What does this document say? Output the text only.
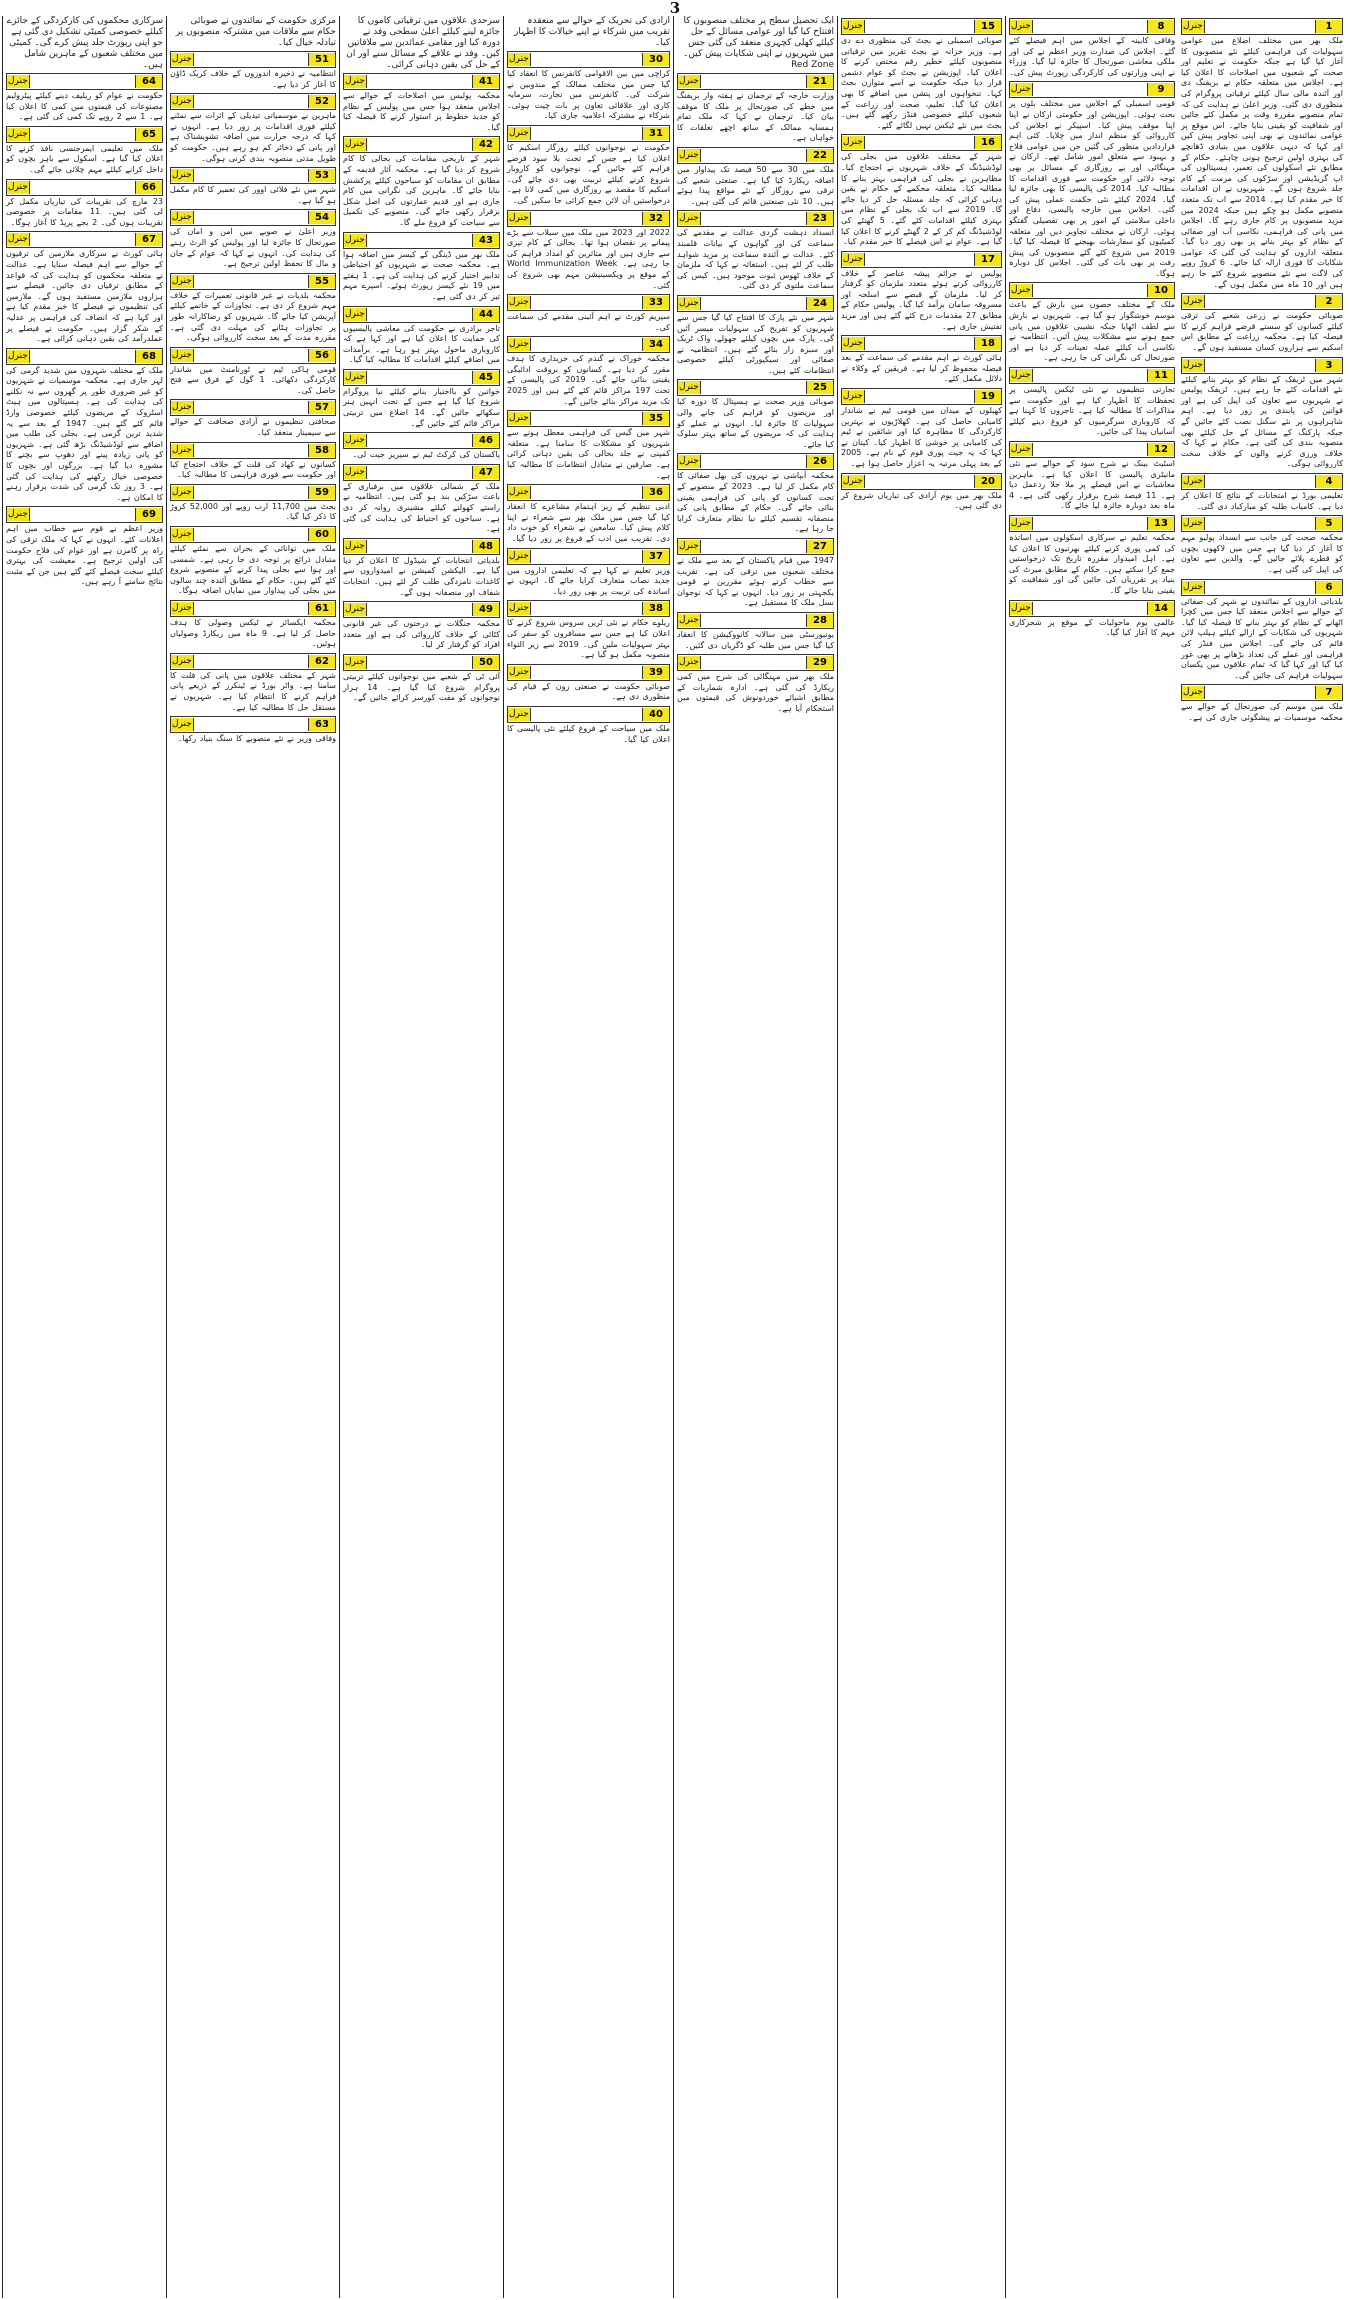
3
سرکاری محکموں کی کارکردگی کے جائزے کیلئے خصوصی کمیٹی تشکیل دی گئی ہے جو اپنی رپورٹ جلد پیش کرے گی۔ کمیٹی میں مختلف شعبوں کے ماہرین شامل ہیں۔
64
جنرل
حکومت نے عوام کو ریلیف دینے کیلئے پیٹرولیم مصنوعات کی قیمتوں میں کمی کا اعلان کیا ہے۔ 1 سے 2 روپے تک کمی کی گئی ہے۔
65
جنرل
ملک میں تعلیمی ایمرجنسی نافذ کرنے کا اعلان کیا گیا ہے۔ اسکول سے باہر بچوں کو داخل کرانے کیلئے مہم چلائی جائے گی۔
66
جنرل
23 مارچ کی تقریبات کی تیاریاں مکمل کر لی گئی ہیں۔ 11 مقامات پر خصوصی تقریبات ہوں گی۔ 2 بجے پریڈ کا آغاز ہوگا۔
67
جنرل
ہائی کورٹ نے سرکاری ملازمین کی ترقیوں کے حوالے سے اہم فیصلہ سنایا ہے۔ عدالت نے متعلقہ محکموں کو ہدایت کی کہ قواعد کے مطابق ترقیاں دی جائیں۔ فیصلے سے ہزاروں ملازمین مستفید ہوں گے۔ ملازمین کی تنظیموں نے فیصلے کا خیر مقدم کیا ہے اور کہا ہے کہ انصاف کی فراہمی پر عدلیہ کے شکر گزار ہیں۔ حکومت نے فیصلے پر عملدرآمد کی یقین دہانی کرائی ہے۔
68
جنرل
ملک کے مختلف شہروں میں شدید گرمی کی لہر جاری ہے۔ محکمہ موسمیات نے شہریوں کو غیر ضروری طور پر گھروں سے نہ نکلنے کی ہدایت کی ہے۔ ہسپتالوں میں ہیٹ اسٹروک کے مریضوں کیلئے خصوصی وارڈ قائم کئے گئے ہیں۔ 1947 کے بعد سے یہ شدید ترین گرمی ہے۔ بجلی کی طلب میں اضافے سے لوڈشیڈنگ بڑھ گئی ہے۔ شہریوں کو پانی زیادہ پینے اور دھوپ سے بچنے کا مشورہ دیا گیا ہے۔ بزرگوں اور بچوں کا خصوصی خیال رکھنے کی ہدایت کی گئی ہے۔ 3 روز تک گرمی کی شدت برقرار رہنے کا امکان ہے۔
69
جنرل
وزیر اعظم نے قوم سے خطاب میں اہم اعلانات کئے۔ انہوں نے کہا کہ ملک ترقی کی راہ پر گامزن ہے اور عوام کی فلاح حکومت کی اولین ترجیح ہے۔ معیشت کی بہتری کیلئے سخت فیصلے کئے گئے ہیں جن کے مثبت نتائج سامنے آ رہے ہیں۔
مرکزی حکومت کے نمائندوں نے صوبائی حکام سے ملاقات میں مشترکہ منصوبوں پر تبادلہ خیال کیا۔
51
جنرل
انتظامیہ نے ذخیرہ اندوزوں کے خلاف کریک ڈاؤن کا آغاز کر دیا ہے۔
52
جنرل
ماہرین نے موسمیاتی تبدیلی کے اثرات سے نمٹنے کیلئے فوری اقدامات پر زور دیا ہے۔ انہوں نے کہا کہ درجہ حرارت میں اضافہ تشویشناک ہے اور پانی کے ذخائر کم ہو رہے ہیں۔ حکومت کو طویل مدتی منصوبہ بندی کرنی ہوگی۔
53
جنرل
شہر میں نئے فلائی اوور کی تعمیر کا کام مکمل ہو گیا ہے۔
54
جنرل
وزیر اعلیٰ نے صوبے میں امن و امان کی صورتحال کا جائزہ لیا اور پولیس کو الرٹ رہنے کی ہدایت کی۔ انہوں نے کہا کہ عوام کے جان و مال کا تحفظ اولین ترجیح ہے۔
55
جنرل
محکمہ بلدیات نے غیر قانونی تعمیرات کے خلاف مہم شروع کر دی ہے۔ تجاوزات کے خاتمے کیلئے آپریشن کیا جائے گا۔ شہریوں کو رضاکارانہ طور پر تجاوزات ہٹانے کی مہلت دی گئی ہے۔ مقررہ مدت کے بعد سخت کارروائی ہوگی۔
56
جنرل
قومی ہاکی ٹیم نے ٹورنامنٹ میں شاندار کارکردگی دکھائی۔ 1 گول کے فرق سے فتح حاصل کی۔
57
جنرل
صحافتی تنظیموں نے آزادی صحافت کے حوالے سے سیمینار منعقد کیا۔
58
جنرل
کسانوں نے کھاد کی قلت کے خلاف احتجاج کیا اور حکومت سے فوری فراہمی کا مطالبہ کیا۔
59
جنرل
بجٹ میں 11,700 ارب روپے اور 52,000 کروڑ کا ذکر کیا گیا۔
60
جنرل
ملک میں توانائی کے بحران سے نمٹنے کیلئے متبادل ذرائع پر توجہ دی جا رہی ہے۔ شمسی اور ہوا سے بجلی پیدا کرنے کے منصوبے شروع کئے گئے ہیں۔ حکام کے مطابق آئندہ چند سالوں میں بجلی کی پیداوار میں نمایاں اضافہ ہوگا۔
61
جنرل
محکمہ ایکسائز نے ٹیکس وصولی کا ہدف حاصل کر لیا ہے۔ 9 ماہ میں ریکارڈ وصولیاں ہوئیں۔
62
جنرل
شہر کے مختلف علاقوں میں پانی کی قلت کا سامنا ہے۔ واٹر بورڈ نے ٹینکرز کے ذریعے پانی فراہم کرنے کا انتظام کیا ہے۔ شہریوں نے مستقل حل کا مطالبہ کیا ہے۔
63
جنرل
وفاقی وزیر نے نئے منصوبے کا سنگ بنیاد رکھا۔
سرحدی علاقوں میں ترقیاتی کاموں کا جائزہ لینے کیلئے اعلیٰ سطحی وفد نے دورہ کیا اور مقامی عمائدین سے ملاقاتیں کیں۔ وفد نے علاقے کے مسائل سنے اور ان کے حل کی یقین دہانی کرائی۔
41
جنرل
محکمہ پولیس میں اصلاحات کے حوالے سے اجلاس منعقد ہوا جس میں پولیس کے نظام کو جدید خطوط پر استوار کرنے کا فیصلہ کیا گیا۔
42
جنرل
شہر کے تاریخی مقامات کی بحالی کا کام شروع کر دیا گیا ہے۔ محکمہ آثار قدیمہ کے مطابق ان مقامات کو سیاحوں کیلئے پرکشش بنایا جائے گا۔ ماہرین کی نگرانی میں کام جاری ہے اور قدیم عمارتوں کی اصل شکل برقرار رکھی جائے گی۔ منصوبے کی تکمیل سے سیاحت کو فروغ ملے گا۔
43
جنرل
ملک بھر میں ڈینگی کے کیسز میں اضافہ ہوا ہے۔ محکمہ صحت نے شہریوں کو احتیاطی تدابیر اختیار کرنے کی ہدایت کی ہے۔ 1 ہفتے میں 19 نئے کیسز رپورٹ ہوئے۔ اسپرے مہم تیز کر دی گئی ہے۔
44
جنرل
تاجر برادری نے حکومت کی معاشی پالیسیوں کی حمایت کا اعلان کیا ہے اور کہا ہے کہ کاروباری ماحول بہتر ہو رہا ہے۔ برآمدات میں اضافے کیلئے اقدامات کا مطالبہ کیا گیا۔
45
جنرل
خواتین کو بااختیار بنانے کیلئے نیا پروگرام شروع کیا گیا ہے جس کے تحت انہیں ہنر سکھائے جائیں گے۔ 14 اضلاع میں تربیتی مراکز قائم کئے جائیں گے۔
46
جنرل
پاکستان کی کرکٹ ٹیم نے سیریز جیت لی۔
47
جنرل
ملک کے شمالی علاقوں میں برفباری کے باعث سڑکیں بند ہو گئی ہیں۔ انتظامیہ نے راستے کھولنے کیلئے مشینری روانہ کر دی ہے۔ سیاحوں کو احتیاط کی ہدایت کی گئی ہے۔
48
جنرل
بلدیاتی انتخابات کے شیڈول کا اعلان کر دیا گیا ہے۔ الیکشن کمیشن نے امیدواروں سے کاغذات نامزدگی طلب کر لئے ہیں۔ انتخابات شفاف اور منصفانہ ہوں گے۔
49
جنرل
محکمہ جنگلات نے درختوں کی غیر قانونی کٹائی کے خلاف کارروائی کی ہے اور متعدد افراد کو گرفتار کر لیا۔
50
جنرل
آئی ٹی کے شعبے میں نوجوانوں کیلئے تربیتی پروگرام شروع کیا گیا ہے۔ 14 ہزار نوجوانوں کو مفت کورسز کرائے جائیں گے۔
آزادی کی تحریک کے حوالے سے منعقدہ تقریب میں شرکاء نے اپنے خیالات کا اظہار کیا۔
30
جنرل
کراچی میں بین الاقوامی کانفرنس کا انعقاد کیا گیا جس میں مختلف ممالک کے مندوبین نے شرکت کی۔ کانفرنس میں تجارت، سرمایہ کاری اور علاقائی تعاون پر بات چیت ہوئی۔ شرکاء نے مشترکہ اعلامیہ جاری کیا۔
31
جنرل
حکومت نے نوجوانوں کیلئے روزگار اسکیم کا اعلان کیا ہے جس کے تحت بلا سود قرضے فراہم کئے جائیں گے۔ نوجوانوں کو کاروبار شروع کرنے کیلئے تربیت بھی دی جائے گی۔ اسکیم کا مقصد بے روزگاری میں کمی لانا ہے۔ درخواستیں آن لائن جمع کرائی جا سکیں گی۔
32
جنرل
2022 اور 2023 میں ملک میں سیلاب سے بڑے پیمانے پر نقصان ہوا تھا۔ بحالی کے کام تیزی سے جاری ہیں اور متاثرین کو امداد فراہم کی جا رہی ہے۔ World Immunization Week کے موقع پر ویکسینیشن مہم بھی شروع کی گئی۔
33
جنرل
سپریم کورٹ نے اہم آئینی مقدمے کی سماعت کی۔
34
جنرل
محکمہ خوراک نے گندم کی خریداری کا ہدف مقرر کر دیا ہے۔ کسانوں کو بروقت ادائیگی یقینی بنائی جائے گی۔ 2019 کی پالیسی کے تحت 197 مراکز قائم کئے گئے ہیں اور 2025 تک مزید مراکز بنائے جائیں گے۔
35
جنرل
شہر میں گیس کی فراہمی معطل ہونے سے شہریوں کو مشکلات کا سامنا ہے۔ متعلقہ کمپنی نے جلد بحالی کی یقین دہانی کرائی ہے۔ صارفین نے متبادل انتظامات کا مطالبہ کیا ہے۔
36
جنرل
ادبی تنظیم کے زیر اہتمام مشاعرے کا انعقاد کیا گیا جس میں ملک بھر سے شعراء نے اپنا کلام پیش کیا۔ سامعین نے شعراء کو خوب داد دی۔ تقریب میں ادب کے فروغ پر زور دیا گیا۔
37
جنرل
وزیر تعلیم نے کہا ہے کہ تعلیمی اداروں میں جدید نصاب متعارف کرایا جائے گا۔ انہوں نے اساتذہ کی تربیت پر بھی زور دیا۔
38
جنرل
ریلوے حکام نے نئی ٹرین سروس شروع کرنے کا اعلان کیا ہے جس سے مسافروں کو سفر کی بہتر سہولیات ملیں گی۔ 2019 سے زیر التواء منصوبہ مکمل ہو گیا ہے۔
39
جنرل
صوبائی حکومت نے صنعتی زون کے قیام کی منظوری دی ہے۔
40
جنرل
ملک میں سیاحت کے فروغ کیلئے نئی پالیسی کا اعلان کیا گیا۔
ایک تحصیل سطح پر مختلف منصوبوں کا افتتاح کیا گیا اور عوامی مسائل کے حل کیلئے کھلی کچہری منعقد کی گئی جس میں شہریوں نے اپنی شکایات پیش کیں۔ Red Zone
21
جنرل
وزارت خارجہ کے ترجمان نے ہفتہ وار بریفنگ میں خطے کی صورتحال پر ملک کا موقف بیان کیا۔ ترجمان نے کہا کہ ملک تمام ہمسایہ ممالک کے ساتھ اچھے تعلقات کا خواہاں ہے۔
22
جنرل
ملک میں 30 سے 50 فیصد تک پیداوار میں اضافہ ریکارڈ کیا گیا ہے۔ صنعتی شعبے کی ترقی سے روزگار کے نئے مواقع پیدا ہوئے ہیں۔ 10 نئی صنعتیں قائم کی گئی ہیں۔
23
جنرل
انسداد دہشت گردی عدالت نے مقدمے کی سماعت کی اور گواہوں کے بیانات قلمبند کئے۔ عدالت نے آئندہ سماعت پر مزید شواہد طلب کر لئے ہیں۔ استغاثہ نے کہا کہ ملزمان کے خلاف ٹھوس ثبوت موجود ہیں۔ کیس کی سماعت ملتوی کر دی گئی۔
24
جنرل
شہر میں نئے پارک کا افتتاح کیا گیا جس سے شہریوں کو تفریح کی سہولیات میسر آئیں گی۔ پارک میں بچوں کیلئے جھولے، واک ٹریک اور سبزہ زار بنائے گئے ہیں۔ انتظامیہ نے صفائی اور سیکیورٹی کیلئے خصوصی انتظامات کئے ہیں۔
25
جنرل
صوبائی وزیر صحت نے ہسپتال کا دورہ کیا اور مریضوں کو فراہم کی جانے والی سہولیات کا جائزہ لیا۔ انہوں نے عملے کو ہدایت کی کہ مریضوں کے ساتھ بہتر سلوک کیا جائے۔
26
جنرل
محکمہ آبپاشی نے نہروں کی بھل صفائی کا کام مکمل کر لیا ہے۔ 2023 کے منصوبے کے تحت کسانوں کو پانی کی فراہمی یقینی بنائی جائے گی۔ حکام کے مطابق پانی کی منصفانہ تقسیم کیلئے نیا نظام متعارف کرایا جا رہا ہے۔
27
جنرل
1947 میں قیام پاکستان کے بعد سے ملک نے مختلف شعبوں میں ترقی کی ہے۔ تقریب سے خطاب کرتے ہوئے مقررین نے قومی یکجہتی پر زور دیا۔ انہوں نے کہا کہ نوجوان نسل ملک کا مستقبل ہے۔
28
جنرل
یونیورسٹی میں سالانہ کانووکیشن کا انعقاد کیا گیا جس میں طلبہ کو ڈگریاں دی گئیں۔
29
جنرل
ملک بھر میں مہنگائی کی شرح میں کمی ریکارڈ کی گئی ہے۔ ادارہ شماریات کے مطابق اشیائے خوردونوش کی قیمتوں میں استحکام آیا ہے۔
15
جنرل
صوبائی اسمبلی نے بجٹ کی منظوری دے دی ہے۔ وزیر خزانہ نے بجٹ تقریر میں ترقیاتی منصوبوں کیلئے خطیر رقم مختص کرنے کا اعلان کیا۔ اپوزیشن نے بجٹ کو عوام دشمن قرار دیا جبکہ حکومت نے اسے متوازن بجٹ کہا۔ تنخواہوں اور پنشن میں اضافے کا بھی اعلان کیا گیا۔ تعلیم، صحت اور زراعت کے شعبوں کیلئے خصوصی فنڈز رکھے گئے ہیں۔ بجٹ میں نئے ٹیکس نہیں لگائے گئے۔
16
جنرل
شہر کے مختلف علاقوں میں بجلی کی لوڈشیڈنگ کے خلاف شہریوں نے احتجاج کیا۔ مظاہرین نے بجلی کی فراہمی بہتر بنانے کا مطالبہ کیا۔ متعلقہ محکمے کے حکام نے یقین دہانی کرائی کہ جلد مسئلہ حل کر دیا جائے گا۔ 2019 سے اب تک بجلی کے نظام میں بہتری کیلئے اقدامات کئے گئے۔ 5 گھنٹے کی لوڈشیڈنگ کم کر کے 2 گھنٹے کرنے کا اعلان کیا گیا ہے۔ عوام نے اس فیصلے کا خیر مقدم کیا۔
17
جنرل
پولیس نے جرائم پیشہ عناصر کے خلاف کارروائی کرتے ہوئے متعدد ملزمان کو گرفتار کر لیا۔ ملزمان کے قبضے سے اسلحہ اور مسروقہ سامان برآمد کیا گیا۔ پولیس حکام کے مطابق 27 مقدمات درج کئے گئے ہیں اور مزید تفتیش جاری ہے۔
18
جنرل
ہائی کورٹ نے اہم مقدمے کی سماعت کے بعد فیصلہ محفوظ کر لیا ہے۔ فریقین کے وکلاء نے دلائل مکمل کئے۔
19
جنرل
کھیلوں کے میدان میں قومی ٹیم نے شاندار کامیابی حاصل کی ہے۔ کھلاڑیوں نے بہترین کارکردگی کا مظاہرہ کیا اور شائقین نے ٹیم کی کامیابی پر خوشی کا اظہار کیا۔ کپتان نے کہا کہ یہ جیت پوری قوم کے نام ہے۔ 2005 کے بعد پہلی مرتبہ یہ اعزاز حاصل ہوا ہے۔
20
جنرل
ملک بھر میں یوم آزادی کی تیاریاں شروع کر دی گئی ہیں۔
8
جنرل
وفاقی کابینہ کے اجلاس میں اہم فیصلے کئے گئے۔ اجلاس کی صدارت وزیر اعظم نے کی اور ملکی معاشی صورتحال کا جائزہ لیا گیا۔ وزراء نے اپنی وزارتوں کی کارکردگی رپورٹ پیش کی۔
9
جنرل
قومی اسمبلی کے اجلاس میں مختلف بلوں پر بحث ہوئی۔ اپوزیشن اور حکومتی ارکان نے اپنا اپنا موقف پیش کیا۔ اسپیکر نے اجلاس کی کارروائی کو منظم انداز میں چلایا۔ کئی اہم قراردادیں منظور کی گئیں جن میں عوامی فلاح و بہبود سے متعلق امور شامل تھے۔ ارکان نے مہنگائی اور بے روزگاری کے مسائل پر بھی توجہ دلائی اور حکومت سے فوری اقدامات کا مطالبہ کیا۔ 2014 کی پالیسی کا بھی جائزہ لیا گیا۔ 2024 کیلئے نئی حکمت عملی پیش کی گئی۔ اجلاس میں خارجہ پالیسی، دفاع اور داخلی سلامتی کے امور پر بھی تفصیلی گفتگو ہوئی۔ ارکان نے مختلف تجاویز دیں اور متعلقہ کمیٹیوں کو سفارشات بھیجنے کا فیصلہ کیا گیا۔ 2019 میں شروع کئے گئے منصوبوں کی پیش رفت پر بھی بات کی گئی۔ اجلاس کل دوبارہ ہوگا۔
10
جنرل
ملک کے مختلف حصوں میں بارش کے باعث موسم خوشگوار ہو گیا ہے۔ شہریوں نے بارش سے لطف اٹھایا جبکہ نشیبی علاقوں میں پانی جمع ہونے سے مشکلات پیش آئیں۔ انتظامیہ نے نکاسی آب کیلئے عملہ تعینات کر دیا ہے اور صورتحال کی نگرانی کی جا رہی ہے۔
11
جنرل
تجارتی تنظیموں نے نئی ٹیکس پالیسی پر تحفظات کا اظہار کیا ہے اور حکومت سے مذاکرات کا مطالبہ کیا ہے۔ تاجروں کا کہنا ہے کہ کاروباری سرگرمیوں کو فروغ دینے کیلئے آسانیاں پیدا کی جائیں۔
12
جنرل
اسٹیٹ بینک نے شرح سود کے حوالے سے نئی مانیٹری پالیسی کا اعلان کیا ہے۔ ماہرین معاشیات نے اس فیصلے پر ملا جلا ردعمل دیا ہے۔ 11 فیصد شرح برقرار رکھی گئی ہے۔ 4 ماہ بعد دوبارہ جائزہ لیا جائے گا۔
13
جنرل
محکمہ تعلیم نے سرکاری اسکولوں میں اساتذہ کی کمی پوری کرنے کیلئے بھرتیوں کا اعلان کیا ہے۔ اہل امیدوار مقررہ تاریخ تک درخواستیں جمع کرا سکتے ہیں۔ حکام کے مطابق میرٹ کی بنیاد پر تقرریاں کی جائیں گی اور شفافیت کو یقینی بنایا جائے گا۔
14
جنرل
عالمی یوم ماحولیات کے موقع پر شجرکاری مہم کا آغاز کیا گیا۔
1
جنرل
ملک بھر میں مختلف اضلاع میں عوامی سہولیات کی فراہمی کیلئے نئے منصوبوں کا آغاز کیا گیا ہے جبکہ حکومت نے تعلیم اور صحت کے شعبوں میں اصلاحات کا اعلان کیا ہے۔ اجلاس میں متعلقہ حکام نے بریفنگ دی اور آئندہ مالی سال کیلئے ترقیاتی پروگرام کی منظوری دی گئی۔ وزیر اعلیٰ نے ہدایت کی کہ تمام منصوبے مقررہ وقت پر مکمل کئے جائیں اور شفافیت کو یقینی بنایا جائے۔ اس موقع پر عوامی نمائندوں نے بھی اپنی تجاویز پیش کیں اور کہا کہ دیہی علاقوں میں بنیادی ڈھانچے کی بہتری اولین ترجیح ہونی چاہئے۔ حکام کے مطابق نئے اسکولوں کی تعمیر، ہسپتالوں کی اپ گریڈیشن اور سڑکوں کی مرمت کے کام جلد شروع ہوں گے۔ شہریوں نے ان اقدامات کا خیر مقدم کیا ہے۔ 2014 سے اب تک متعدد منصوبے مکمل ہو چکے ہیں جبکہ 2024 میں مزید منصوبوں پر کام جاری رہے گا۔ اجلاس میں پانی کی فراہمی، نکاسی آب اور صفائی کے نظام کو بہتر بنانے پر بھی زور دیا گیا۔ متعلقہ اداروں کو ہدایت کی گئی کہ عوامی شکایات کا فوری ازالہ کیا جائے۔ 6 کروڑ روپے کی لاگت سے نئے منصوبے شروع کئے جا رہے ہیں اور 10 ماہ میں مکمل ہوں گے۔
2
جنرل
صوبائی حکومت نے زرعی شعبے کی ترقی کیلئے کسانوں کو سستے قرضے فراہم کرنے کا فیصلہ کیا ہے۔ محکمہ زراعت کے مطابق اس اسکیم سے ہزاروں کسان مستفید ہوں گے۔
3
جنرل
شہر میں ٹریفک کے نظام کو بہتر بنانے کیلئے نئے اقدامات کئے جا رہے ہیں۔ ٹریفک پولیس نے شہریوں سے تعاون کی اپیل کی ہے اور قوانین کی پابندی پر زور دیا ہے۔ اہم شاہراہوں پر نئے سگنل نصب کئے جائیں گے جبکہ پارکنگ کے مسائل کے حل کیلئے بھی منصوبہ بندی کی گئی ہے۔ حکام نے کہا کہ خلاف ورزی کرنے والوں کے خلاف سخت کارروائی ہوگی۔
4
جنرل
تعلیمی بورڈ نے امتحانات کے نتائج کا اعلان کر دیا ہے۔ کامیاب طلبہ کو مبارکباد دی گئی۔
5
جنرل
محکمہ صحت کی جانب سے انسداد پولیو مہم کا آغاز کر دیا گیا ہے جس میں لاکھوں بچوں کو قطرے پلائے جائیں گے۔ والدین سے تعاون کی اپیل کی گئی ہے۔
6
جنرل
بلدیاتی اداروں کے نمائندوں نے شہر کی صفائی کے حوالے سے اجلاس منعقد کیا جس میں کچرا اٹھانے کے نظام کو بہتر بنانے کا فیصلہ کیا گیا۔ شہریوں کی شکایات کے ازالے کیلئے ہیلپ لائن قائم کی جائے گی۔ اجلاس میں فنڈز کی فراہمی اور عملے کی تعداد بڑھانے پر بھی غور کیا گیا اور کہا گیا کہ تمام علاقوں میں یکساں سہولیات فراہم کی جائیں گی۔
7
جنرل
ملک میں موسم کی صورتحال کے حوالے سے محکمہ موسمیات نے پیشگوئی جاری کی ہے۔
